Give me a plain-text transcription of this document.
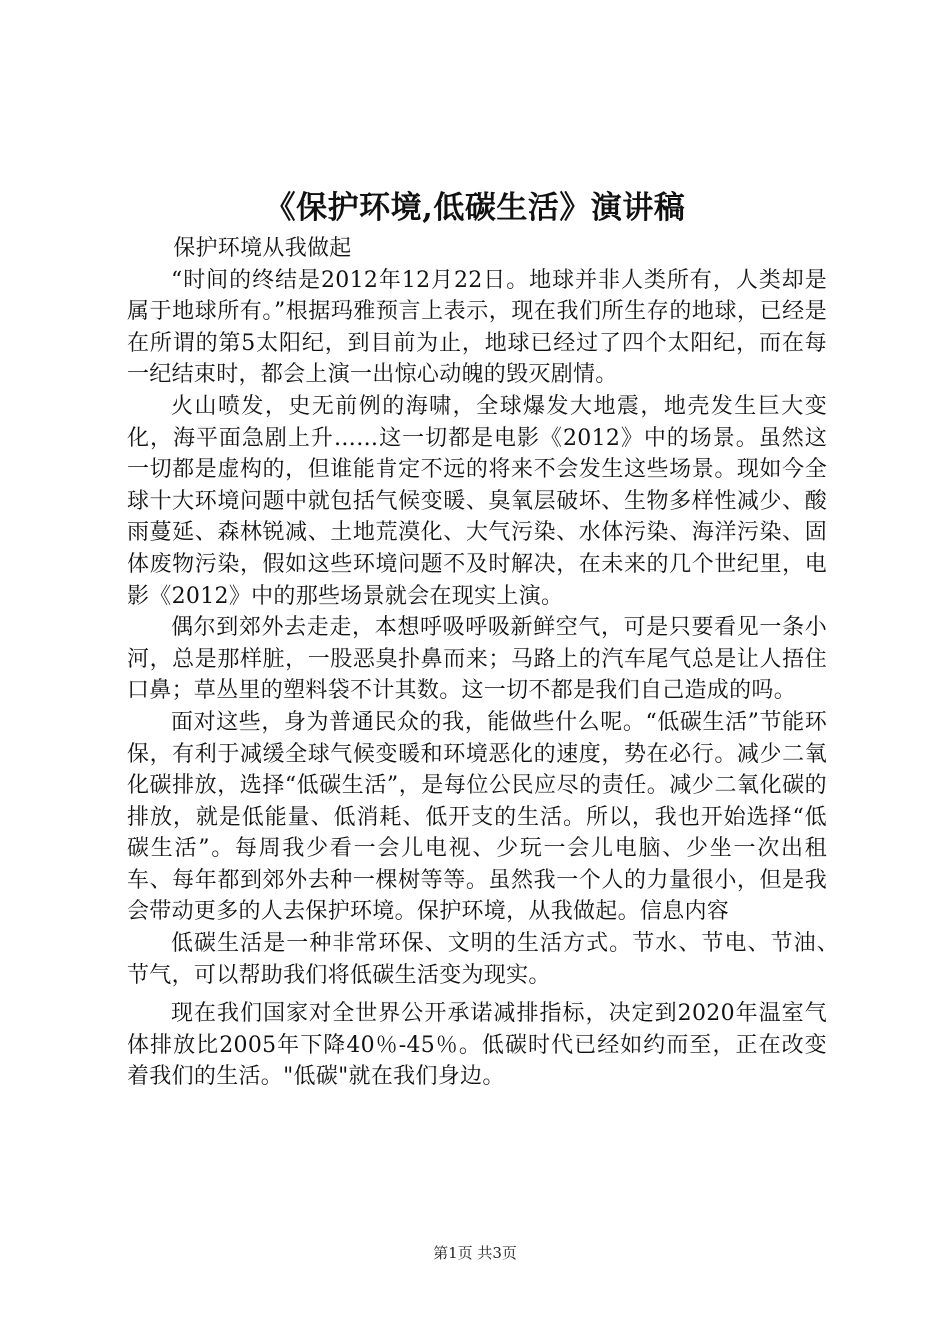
《保护环境,低碳生活》演讲稿

保护环境从我做起

“时间的终结是2012年12月22日。地球并非人类所有，人类却是属于地球所有。”根据玛雅预言上表示，现在我们所生存的地球，已经是在所谓的第5太阳纪，到目前为止，地球已经过了四个太阳纪，而在每一纪结束时，都会上演一出惊心动魄的毁灭剧情。

火山喷发，史无前例的海啸，全球爆发大地震，地壳发生巨大变化，海平面急剧上升……这一切都是电影《2012》中的场景。虽然这一切都是虚构的，但谁能肯定不远的将来不会发生这些场景。现如今全球十大环境问题中就包括气候变暖、臭氧层破坏、生物多样性减少、酸雨蔓延、森林锐减、土地荒漠化、大气污染、水体污染、海洋污染、固体废物污染，假如这些环境问题不及时解决，在未来的几个世纪里，电影《2012》中的那些场景就会在现实上演。

偶尔到郊外去走走，本想呼吸呼吸新鲜空气，可是只要看见一条小河，总是那样脏，一股恶臭扑鼻而来；马路上的汽车尾气总是让人捂住口鼻；草丛里的塑料袋不计其数。这一切不都是我们自己造成的吗。

面对这些，身为普通民众的我，能做些什么呢。“低碳生活”节能环保，有利于减缓全球气候变暖和环境恶化的速度，势在必行。减少二氧化碳排放，选择“低碳生活”，是每位公民应尽的责任。减少二氧化碳的排放，就是低能量、低消耗、低开支的生活。所以，我也开始选择“低碳生活”。每周我少看一会儿电视、少玩一会儿电脑、少坐一次出租车、每年都到郊外去种一棵树等等。虽然我一个人的力量很小，但是我会带动更多的人去保护环境。保护环境，从我做起。信息内容

低碳生活是一种非常环保、文明的生活方式。节水、节电、节油、节气，可以帮助我们将低碳生活变为现实。

现在我们国家对全世界公开承诺减排指标，决定到2020年温室气体排放比2005年下降40％-45％。低碳时代已经如约而至，正在改变着我们的生活。"低碳"就在我们身边。

第1页 共3页
